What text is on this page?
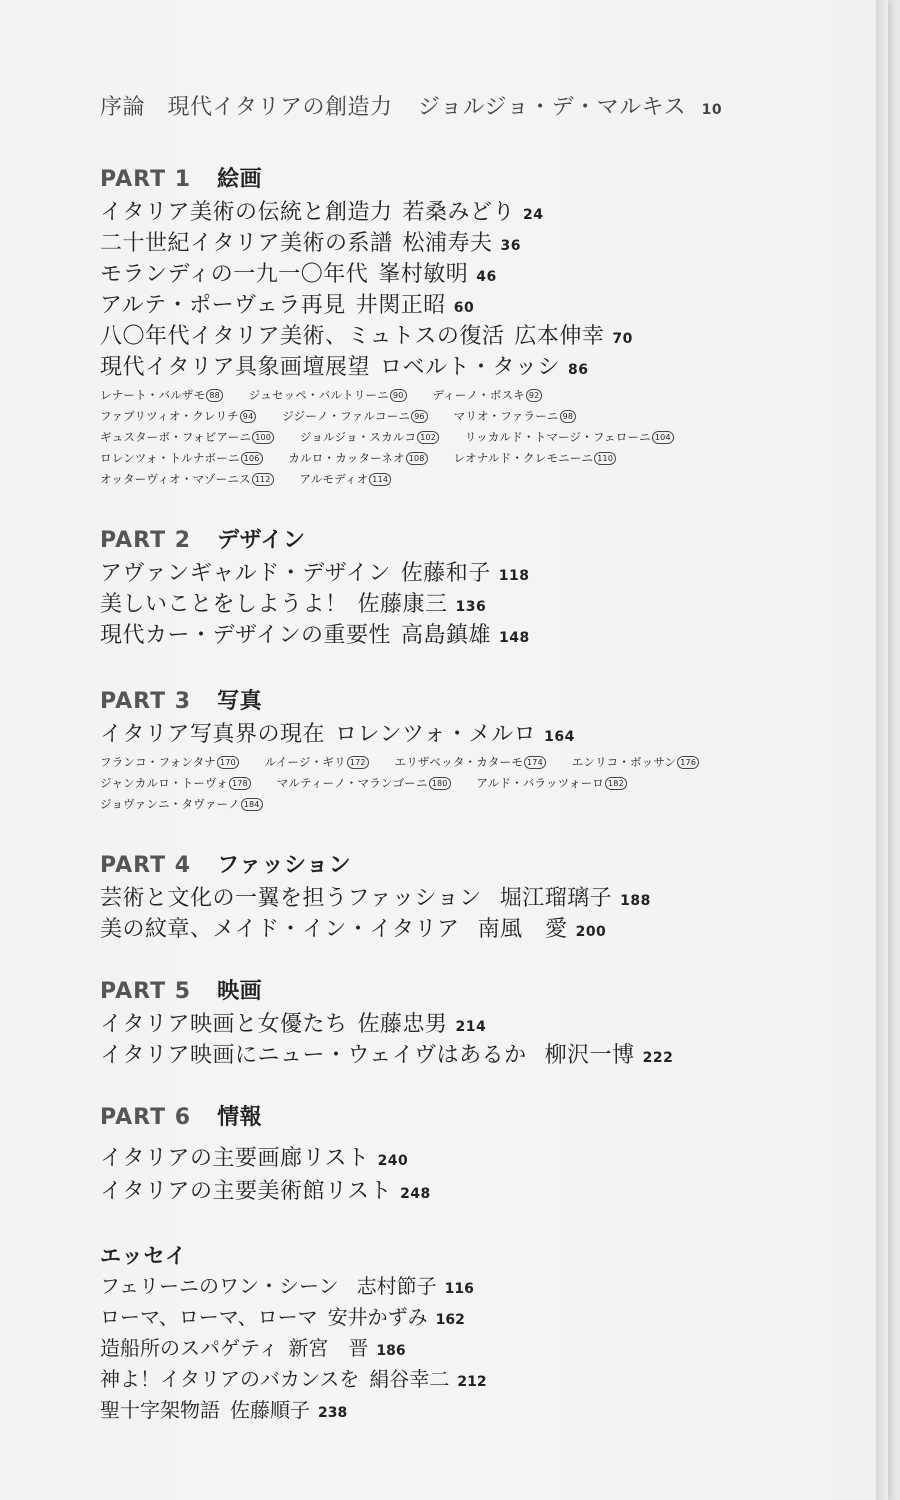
序論　現代イタリアの創造力 ジョルジョ・デ・マルキス 10
PART 1 絵画
イタリア美術の伝統と創造力 若桑みどり 24
二十世紀イタリア美術の系譜 松浦寿夫 36
モランディの一九一〇年代 峯村敏明 46
アルテ・ポーヴェラ再見 井関正昭 60
八〇年代イタリア美術、ミュトスの復活 広本伸幸 70
現代イタリア具象画壇展望 ロベルト・タッシ 86
レナート・バルザモ 88	ジュセッペ・バルトリーニ 90	ディーノ・ボスキ 92
ファブリツィオ・クレリチ 94	ジジーノ・ファルコーニ 96	マリオ・ファラーニ 98
ギュスターボ・フォビアーニ 100	ジョルジョ・スカルコ 102	リッカルド・トマージ・フェローニ 104
ロレンツォ・トルナボーニ 106	カルロ・カッターネオ 108	レオナルド・クレモニーニ 110
オッターヴィオ・マゾーニス 112	アルモディオ 114
PART 2 デザイン
アヴァンギャルド・デザイン 佐藤和子 118
美しいことをしようよ！ 佐藤康三 136
現代カー・デザインの重要性 高島鎮雄 148
PART 3 写真
イタリア写真界の現在 ロレンツォ・メルロ 164
フランコ・フォンタナ 170	ルイージ・ギリ 172	エリザベッタ・カターモ 174	エンリコ・ボッサン 176
ジャンカルロ・トーヴォ 178	マルティーノ・マランゴーニ 180	アルド・バラッツォーロ 182
ジョヴァンニ・タヴァーノ 184
PART 4 ファッション
芸術と文化の一翼を担うファッション 堀江瑠璃子 188
美の紋章、メイド・イン・イタリア 南風　愛 200
PART 5 映画
イタリア映画と女優たち 佐藤忠男 214
イタリア映画にニュー・ウェイヴはあるか 柳沢一博 222
PART 6 情報
イタリアの主要画廊リスト 240
イタリアの主要美術館リスト 248
エッセイ
フェリーニのワン・シーン 志村節子 116
ローマ、ローマ、ローマ 安井かずみ 162
造船所のスパゲティ 新宮　晋 186
神よ！イタリアのバカンスを 絹谷幸二 212
聖十字架物語 佐藤順子 238
